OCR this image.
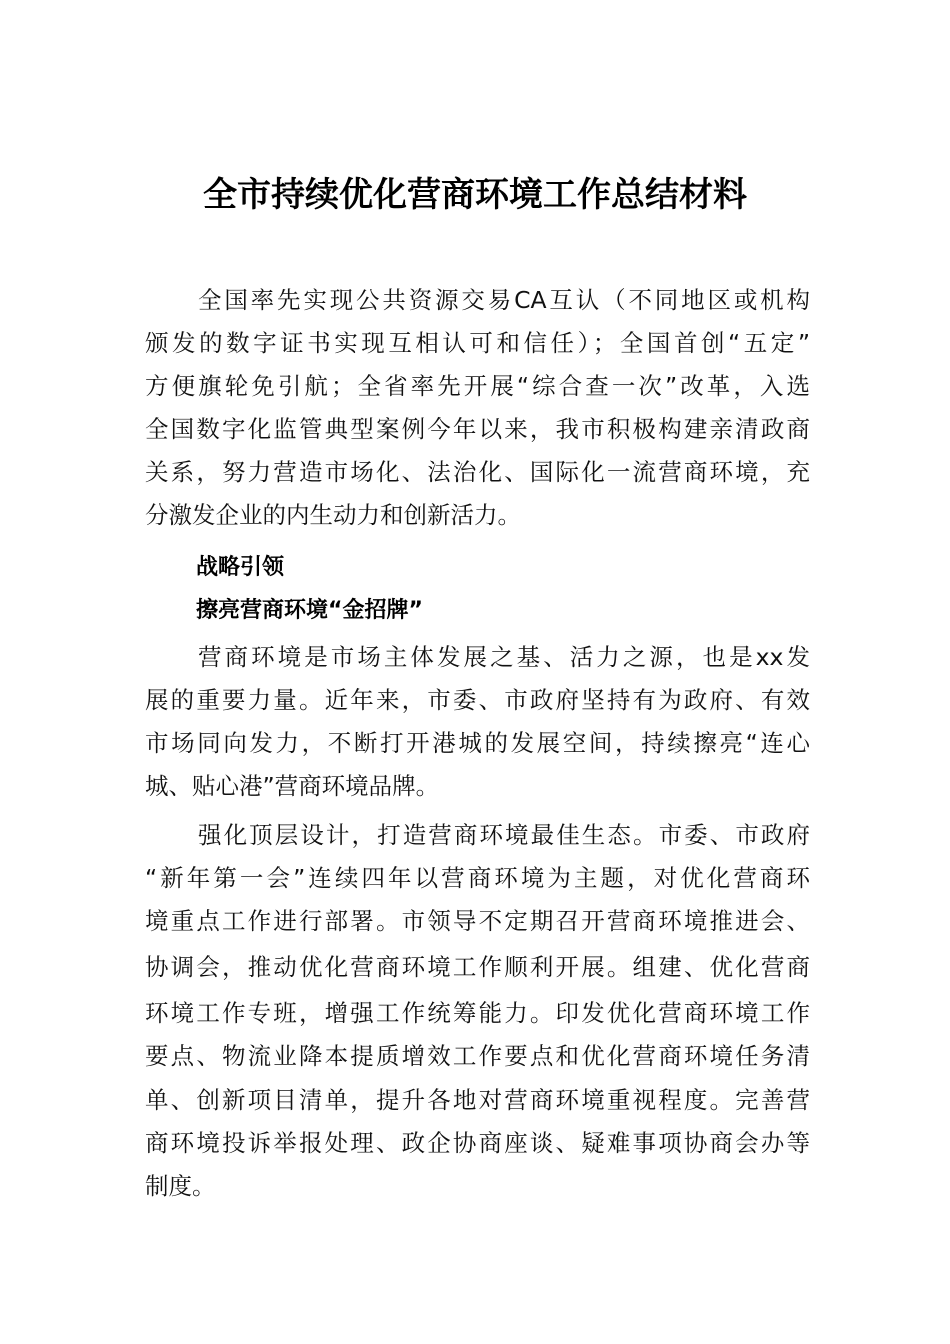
全市持续优化营商环境工作总结材料
全国率先实现公共资源交易CA互认（不同地区或机构
颁发的数字证书实现互相认可和信任）；全国首创“五定”
方便旗轮免引航；全省率先开展“综合查一次”改革，入选
全国数字化监管典型案例今年以来，我市积极构建亲清政商
关系，努力营造市场化、法治化、国际化一流营商环境，充
分激发企业的内生动力和创新活力。
战略引领
擦亮营商环境“金招牌”
营商环境是市场主体发展之基、活力之源，也是xx发
展的重要力量。近年来，市委、市政府坚持有为政府、有效
市场同向发力，不断打开港城的发展空间，持续擦亮“连心
城、贴心港”营商环境品牌。
强化顶层设计，打造营商环境最佳生态。市委、市政府
“新年第一会”连续四年以营商环境为主题，对优化营商环
境重点工作进行部署。市领导不定期召开营商环境推进会、
协调会，推动优化营商环境工作顺利开展。组建、优化营商
环境工作专班，增强工作统筹能力。印发优化营商环境工作
要点、物流业降本提质增效工作要点和优化营商环境任务清
单、创新项目清单，提升各地对营商环境重视程度。完善营
商环境投诉举报处理、政企协商座谈、疑难事项协商会办等
制度。
